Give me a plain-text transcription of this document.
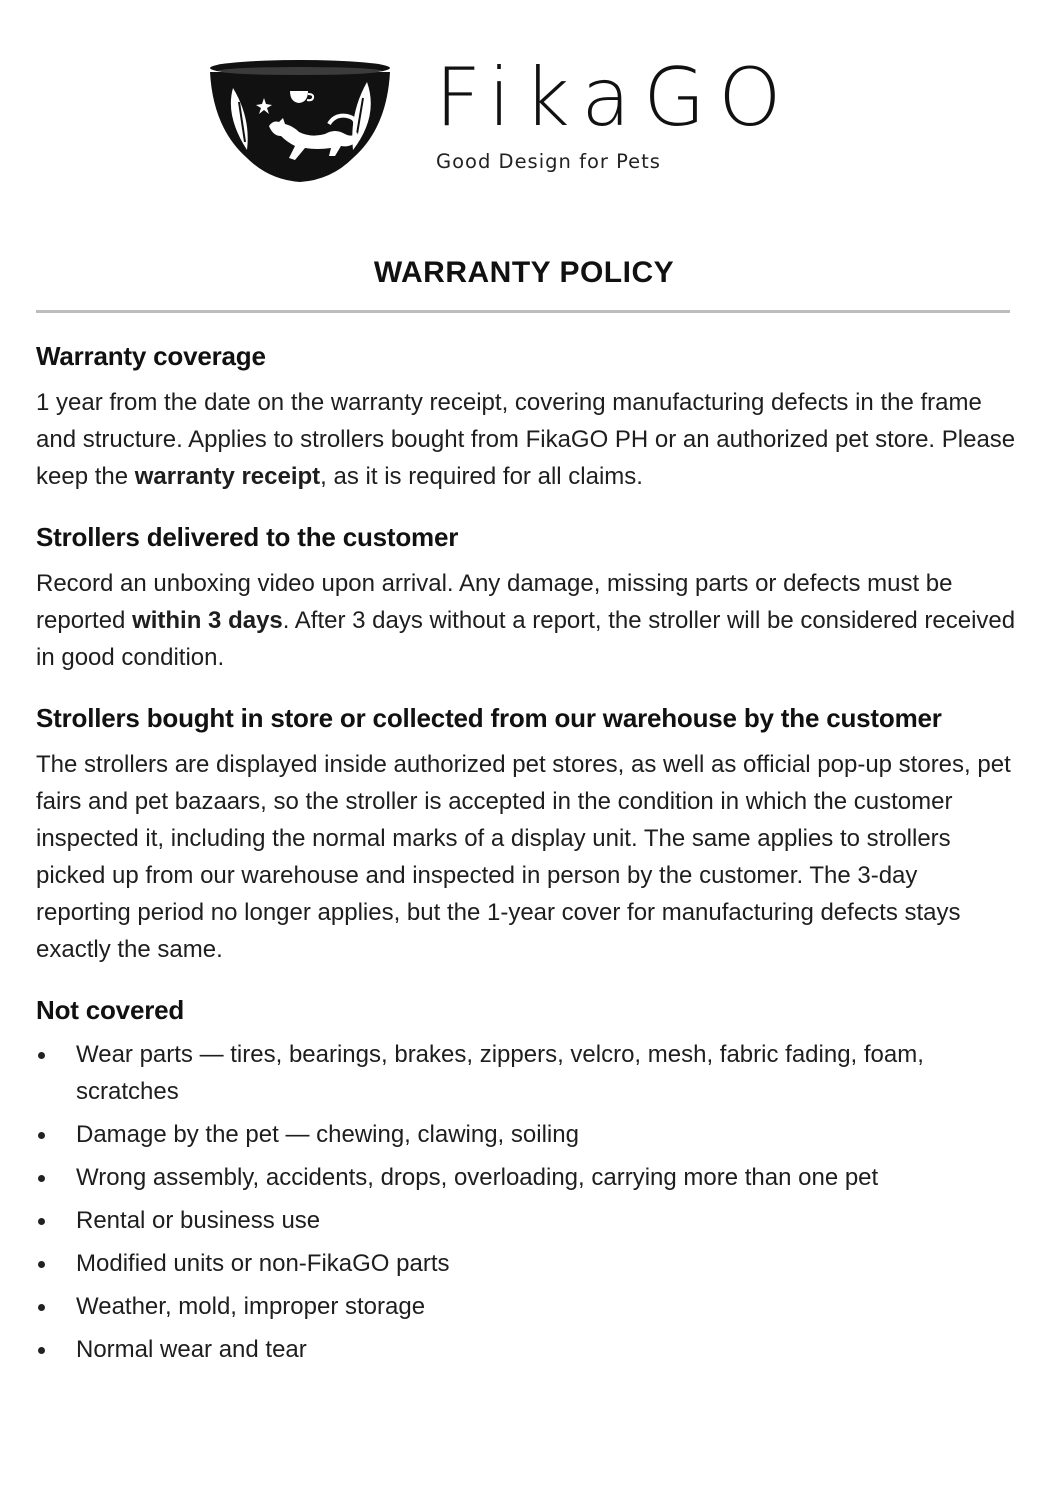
FikaGO
Good Design for Pets
WARRANTY POLICY
Warranty coverage

1 year from the date on the warranty receipt, covering manufacturing defects in the frame and structure. Applies to strollers bought from FikaGO PH or an authorized pet store. Please keep the warranty receipt, as it is required for all claims.

Strollers delivered to the customer

Record an unboxing video upon arrival. Any damage, missing parts or defects must be reported within 3 days. After 3 days without a report, the stroller will be considered received in good condition.

Strollers bought in store or collected from our warehouse by the customer

The strollers are displayed inside authorized pet stores, as well as official pop-up stores, pet fairs and pet bazaars, so the stroller is accepted in the condition in which the customer inspected it, including the normal marks of a display unit. The same applies to strollers picked up from our warehouse and inspected in person by the customer. The 3-day reporting period no longer applies, but the 1-year cover for manufacturing defects stays exactly the same.

Not covered
Wear parts — tires, bearings, brakes, zippers, velcro, mesh, fabric fading, foam, scratches
Damage by the pet — chewing, clawing, soiling
Wrong assembly, accidents, drops, overloading, carrying more than one pet
Rental or business use
Modified units or non-FikaGO parts
Weather, mold, improper storage
Normal wear and tear
